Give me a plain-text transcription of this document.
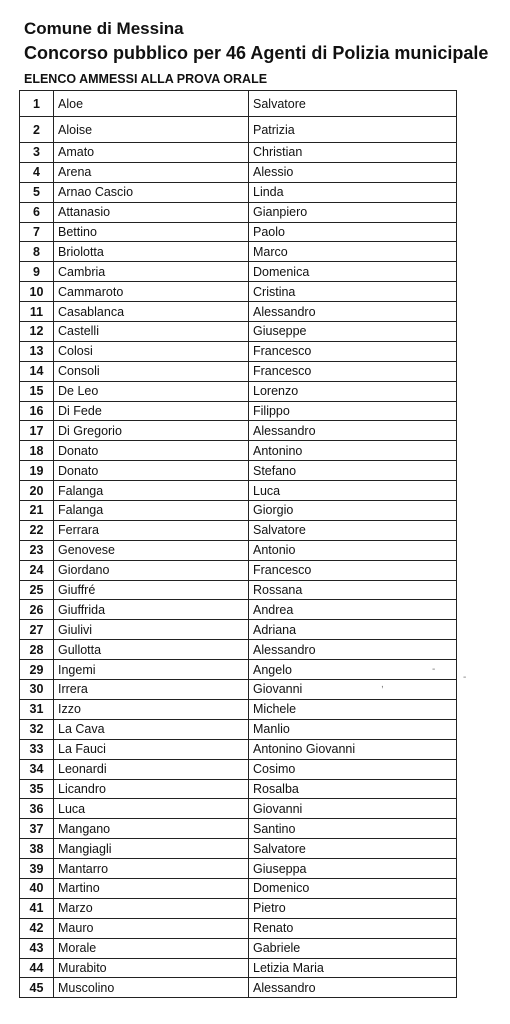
Comune di Messina
Concorso pubblico per 46 Agenti di Polizia municipale
ELENCO AMMESSI ALLA PROVA ORALE
1	Aloe	Salvatore
2	Aloise	Patrizia
3	Amato	Christian
4	Arena	Alessio
5	Arnao Cascio	Linda
6	Attanasio	Gianpiero
7	Bettino	Paolo
8	Briolotta	Marco
9	Cambria	Domenica
10	Cammaroto	Cristina
11	Casablanca	Alessandro
12	Castelli	Giuseppe
13	Colosi	Francesco
14	Consoli	Francesco
15	De Leo	Lorenzo
16	Di Fede	Filippo
17	Di Gregorio	Alessandro
18	Donato	Antonino
19	Donato	Stefano
20	Falanga	Luca
21	Falanga	Giorgio
22	Ferrara	Salvatore
23	Genovese	Antonio
24	Giordano	Francesco
25	Giuffré	Rossana
26	Giuffrida	Andrea
27	Giulivi	Adriana
28	Gullotta	Alessandro
29	Ingemi	Angelo
30	Irrera	Giovanni
31	Izzo	Michele
32	La Cava	Manlio
33	La Fauci	Antonino Giovanni
34	Leonardi	Cosimo
35	Licandro	Rosalba
36	Luca	Giovanni
37	Mangano	Santino
38	Mangiagli	Salvatore
39	Mantarro	Giuseppa
40	Martino	Domenico
41	Marzo	Pietro
42	Mauro	Renato
43	Morale	Gabriele
44	Murabito	Letizia Maria
45	Muscolino	Alessandro
-
-
,
